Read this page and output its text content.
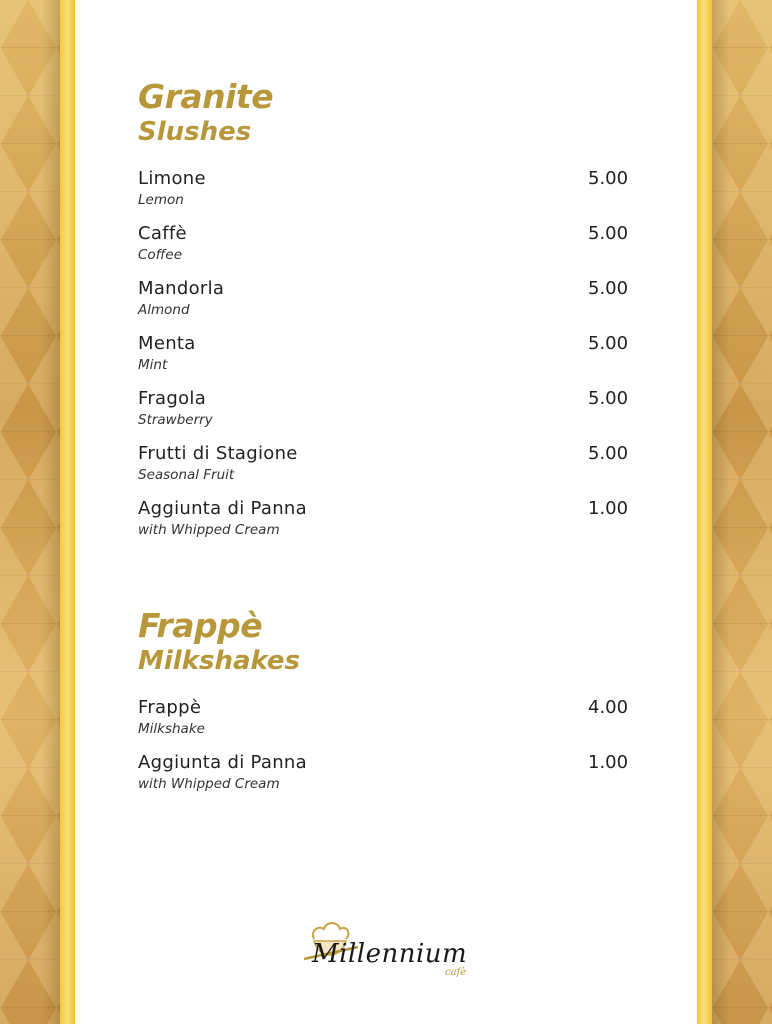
Granite
Slushes
Limone
Lemon
5.00
Caffè
Coffee
5.00
Mandorla
Almond
5.00
Menta
Mint
5.00
Fragola
Strawberry
5.00
Frutti di Stagione
Seasonal Fruit
5.00
Aggiunta di Panna
with Whipped Cream
1.00
Frappè
Milkshakes
Frappè
Milkshake
4.00
Aggiunta di Panna
with Whipped Cream
1.00
Millennium
cafè
